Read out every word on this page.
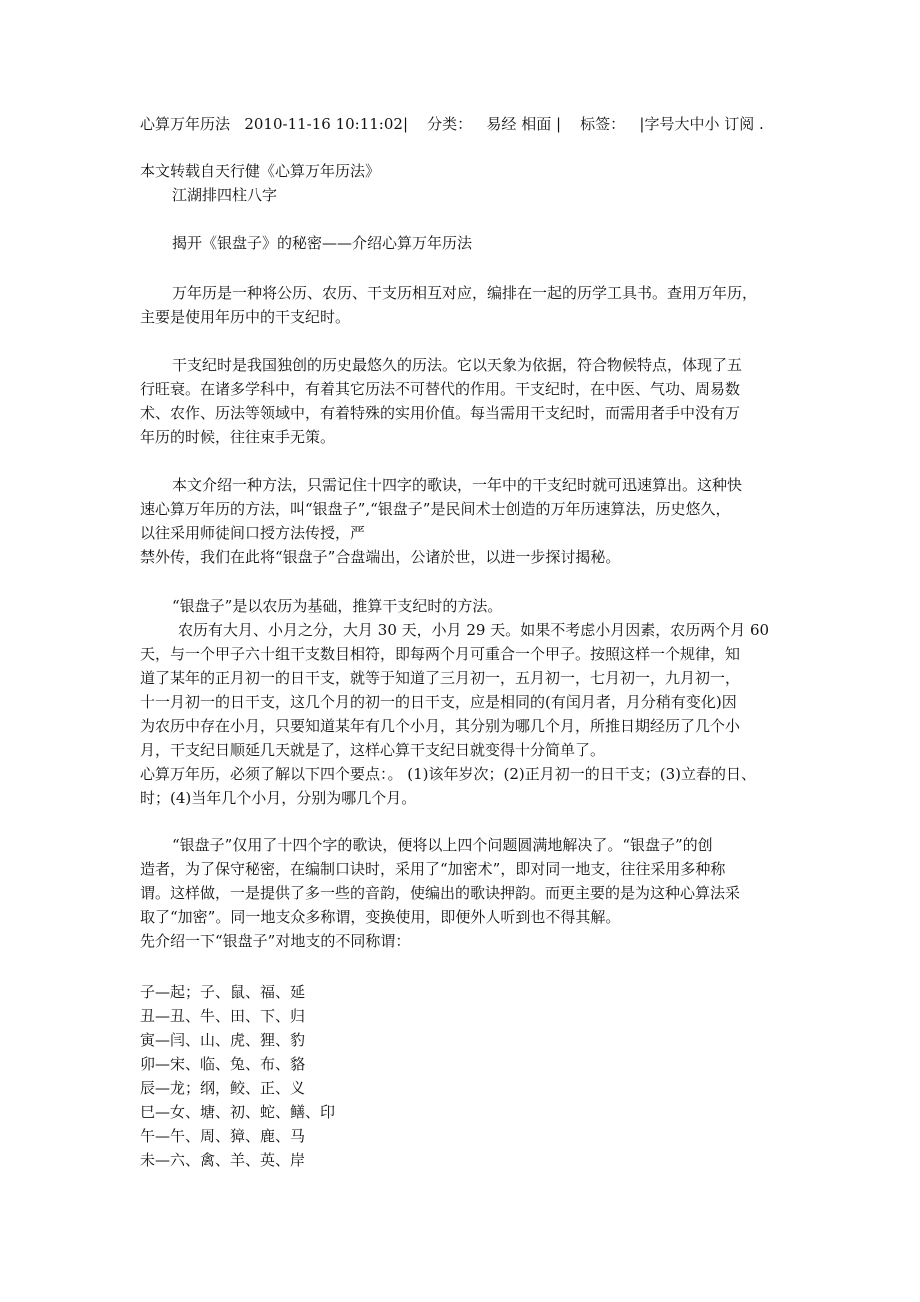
心算万年历法 2010-11-16 10:11:02| 分类： 易经 相面 | 标签： |字号大中小 订阅 .
本文转载自天行健《心算万年历法》
江湖排四柱八字
揭开《银盘子》的秘密——介绍心算万年历法
万年历是一种将公历、农历、干支历相互对应，编排在一起的历学工具书。查用万年历，
主要是使用年历中的干支纪时。
干支纪时是我国独创的历史最悠久的历法。它以天象为依据，符合物候特点，体现了五
行旺衰。在诸多学科中，有着其它历法不可替代的作用。干支纪时，在中医、气功、周易数
术、农作、历法等领域中，有着特殊的实用价值。每当需用干支纪时，而需用者手中没有万
年历的时候，往往束手无策。
本文介绍一种方法，只需记住十四字的歌诀，一年中的干支纪时就可迅速算出。这种快
速心算万年历的方法，叫“银盘子”,“银盘子”是民间术士创造的万年历速算法，历史悠久，
以往采用师徒间口授方法传授，严
禁外传，我们在此将“银盘子”合盘端出，公诸於世，以进一步探讨揭秘。
“银盘子”是以农历为基础，推算干支纪时的方法。
农历有大月、小月之分，大月 30 天，小月 29 天。如果不考虑小月因素，农历两个月 60
天，与一个甲子六十组干支数目相符，即每两个月可重合一个甲子。按照这样一个规律，知
道了某年的正月初一的日干支，就等于知道了三月初一，五月初一，七月初一，九月初一，
十一月初一的日干支，这几个月的初一的日干支，应是相同的(有闰月者，月分稍有变化)因
为农历中存在小月，只要知道某年有几个小月，其分别为哪几个月，所推日期经历了几个小
月，干支纪日顺延几天就是了，这样心算干支纪日就变得十分简单了。
心算万年历，必须了解以下四个要点：。 (1)该年岁次；(2)正月初一的日干支；(3)立春的日、
时；(4)当年几个小月，分别为哪几个月。
“银盘子”仅用了十四个字的歌诀，便将以上四个问题圆满地解决了。“银盘子”的创
造者，为了保守秘密，在编制口诀时，采用了“加密术”，即对同一地支，往往采用多种称
谓。这样做，一是提供了多一些的音韵，使编出的歌诀押韵。而更主要的是为这种心算法采
取了“加密”。同一地支众多称谓，变换使用，即便外人听到也不得其解。
先介绍一下“银盘子”对地支的不同称谓：
子—起；子、鼠、福、延
丑—丑、牛、田、下、归
寅—闫、山、虎、狸、豹
卯—宋、临、兔、布、貉
辰—龙；纲，鲛、正、义
巳—女、塘、初、蛇、鳝、印
午—午、周、獐、鹿、马
未—六、禽、羊、英、岸
